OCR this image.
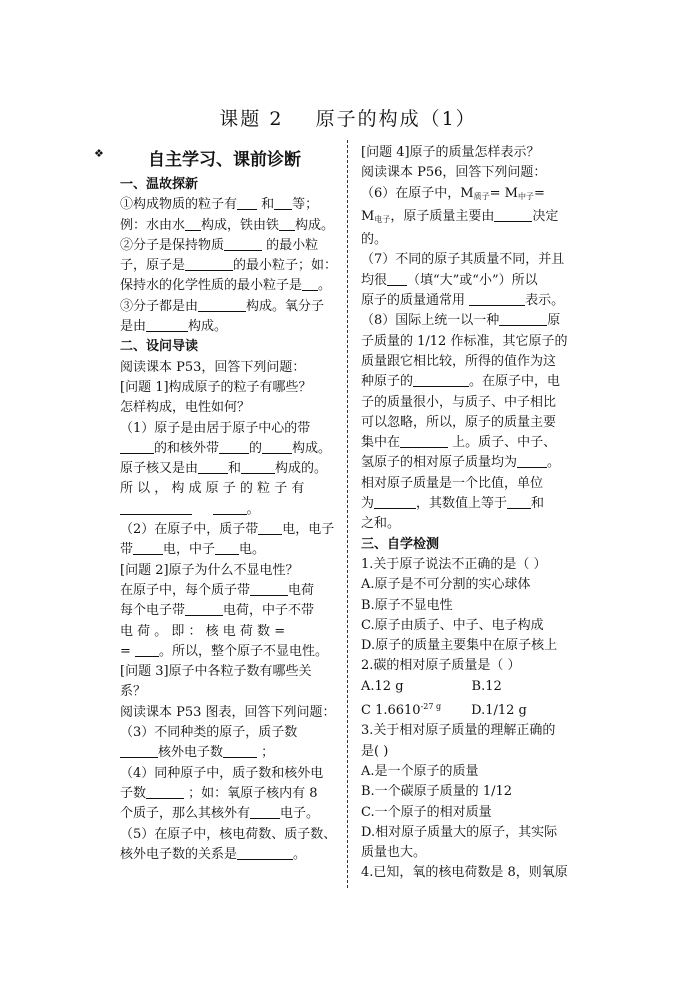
课题 2    原子的构成（1）
❖	自主学习、课前诊断

一、温故探新

①构成物质的粒子有 和 等；

例：水由水 构成，铁由铁 构成。

②分子是保持物质	的最小粒

子，原子是	的最小粒子；如：

保持水的化学性质的最小粒子是 。

③分子都是由	构成。氧分子

是由	构成。

二、设问导读

阅读课本 P53，回答下列问题：

[问题 1]构成原子的粒子有哪些？

怎样构成，电性如何？

（1）原子是由居于原子中心的带

的和核外带 的 构成。

原子核又是由 和	构成的。

所 以 ， 构 成 原 子 的 粒 子 有

。

（2）在原子中，质子带 电，电子

带 电，中子 电。

[问题 2]原子为什么不显电性？

在原子中，每个质子带	电荷

每个电子带	电荷，中子不带

电 荷 。 即 ： 核 电 荷 数 =

= 。所以，整个原子不显电性。

[问题 3]原子中各粒子数有哪些关

系？

阅读课本 P53 图表，回答下列问题：

（3）不同种类的原子，质子数

核外电子数	；

（4）同种原子中，质子数和核外电

子数	；如：氧原子核内有 8

个质子，那么其核外有 电子。

（5）在原子中，核电荷数、质子数、

核外电子数的关系是	。

[问题 4]原子的质量怎样表示？

阅读课本 P56，回答下列问题：

（6）在原子中，$M_{质子}= M_{中子}=$

$M_{电子}$，原子质量主要由	决定

的。

（7）不同的原子其质量不同，并且

均很 （填“大”或“小”）所以

原子的质量通常用	表示。

（8）国际上统一以一种	原

子质量的 1/12 作标准，其它原子的

质量跟它相比较，所得的值作为这

种原子的	。在原子中，电

子的质量很小，与质子、中子相比

可以忽略，所以，原子的质量主要

集中在	上。质子、中子、

氢原子的相对原子质量均为 。

相对原子质量是一个比值，单位

为	，其数值上等于 和

之和。

三、自学检测

1.关于原子说法不正确的是（ ）

A.原子是不可分割的实心球体

B.原子不显电性

C.原子由质子、中子、电子构成

D.原子的质量主要集中在原子核上

2.碳的相对原子质量是（ ）

A.12 g	B.12

C $1.6610^{-27 g}$ D.1/12 g

3.关于相对原子质量的理解正确的

是( )

A.是一个原子的质量

B.一个碳原子质量的 1/12

C.一个原子的相对质量

D.相对原子质量大的原子，其实际

质量也大。

4.已知，氧的核电荷数是 8，则氧原
